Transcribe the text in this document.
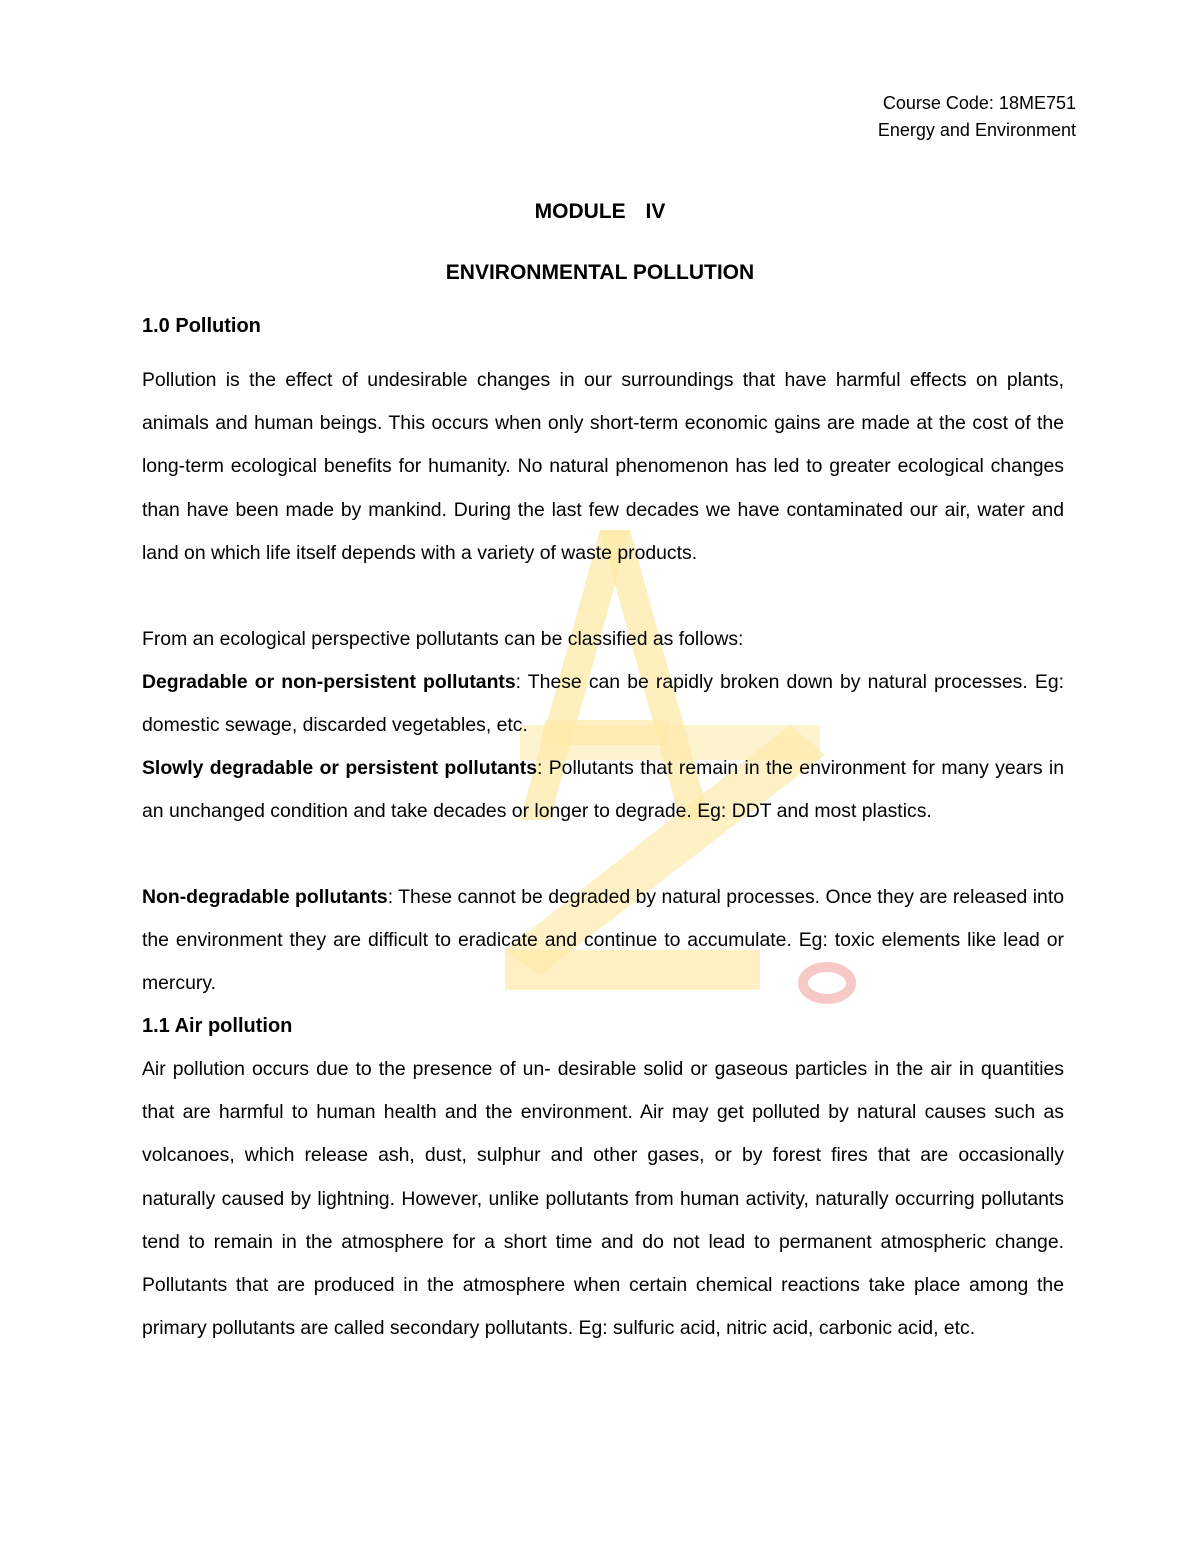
Course Code: 18ME751
Energy and Environment
MODULE IV
ENVIRONMENTAL POLLUTION
1.0 Pollution
Pollution is the effect of undesirable changes in our surroundings that have harmful effects on plants, animals and human beings. This occurs when only short-term economic gains are made at the cost of the long-term ecological benefits for humanity. No natural phenomenon has led to greater ecological changes than have been made by mankind. During the last few decades we have contaminated our air, water and land on which life itself depends with a variety of waste products.
From an ecological perspective pollutants can be classified as follows:
Degradable or non-persistent pollutants: These can be rapidly broken down by natural processes. Eg: domestic sewage, discarded vegetables, etc.
Slowly degradable or persistent pollutants: Pollutants that remain in the environment for many years in an unchanged condition and take decades or longer to degrade. Eg: DDT and most plastics.
Non-degradable pollutants: These cannot be degraded by natural processes. Once they are released into the environment they are difficult to eradicate and continue to accumulate. Eg: toxic elements like lead or mercury.
1.1 Air pollution
Air pollution occurs due to the presence of un- desirable solid or gaseous particles in the air in quantities that are harmful to human health and the environment. Air may get polluted by natural causes such as volcanoes, which release ash, dust, sulphur and other gases, or by forest fires that are occasionally naturally caused by lightning. However, unlike pollutants from human activity, naturally occurring pollutants tend to remain in the atmosphere for a short time and do not lead to permanent atmospheric change. Pollutants that are produced in the atmosphere when certain chemical reactions take place among the primary pollutants are called secondary pollutants. Eg: sulfuric acid, nitric acid, carbonic acid, etc.
